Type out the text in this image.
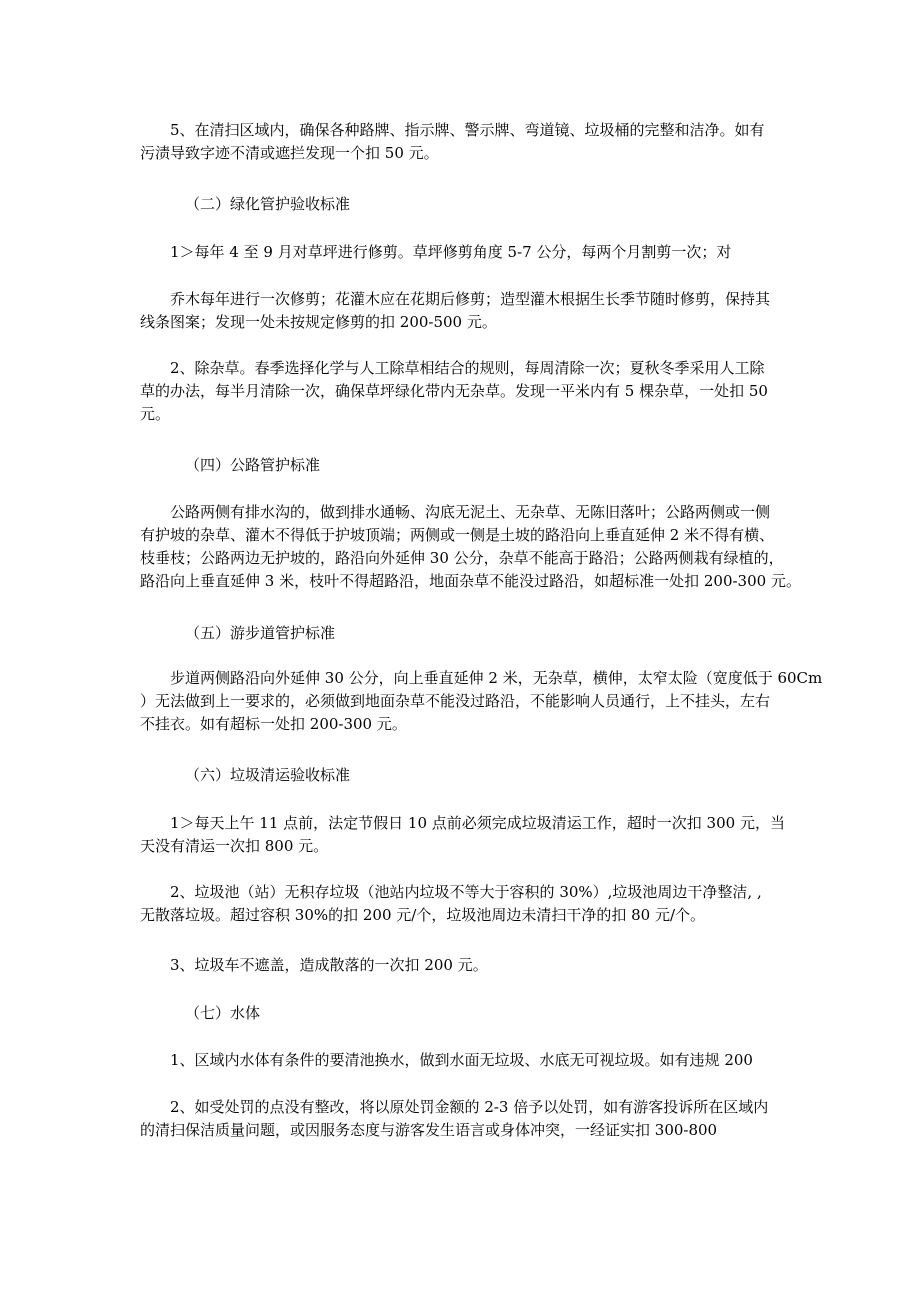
5、在清扫区域内，确保各种路牌、指示牌、警示牌、弯道镜、垃圾桶的完整和洁净。如有
污渍导致字迹不清或遮拦发现一个扣 50 元。

（二）绿化管护验收标准

1＞每年 4 至 9 月对草坪进行修剪。草坪修剪角度 5-7 公分，每两个月割剪一次；对

乔木每年进行一次修剪；花灌木应在花期后修剪；造型灌木根据生长季节随时修剪，保持其
线条图案；发现一处未按规定修剪的扣 200-500 元。

2、除杂草。春季选择化学与人工除草相结合的规则，每周清除一次；夏秋冬季采用人工除
草的办法，每半月清除一次，确保草坪绿化带内无杂草。发现一平米内有 5 棵杂草，一处扣 50
元。

（四）公路管护标准

公路两侧有排水沟的，做到排水通畅、沟底无泥土、无杂草、无陈旧落叶；公路两侧或一侧
有护坡的杂草、灌木不得低于护坡顶端；两侧或一侧是土坡的路沿向上垂直延伸 2 米不得有横、
枝垂枝；公路两边无护坡的，路沿向外延伸 30 公分，杂草不能高于路沿；公路两侧栽有绿植的，
路沿向上垂直延伸 3 米，枝叶不得超路沿，地面杂草不能没过路沿，如超标准一处扣 200-300 元。

（五）游步道管护标准

步道两侧路沿向外延伸 30 公分，向上垂直延伸 2 米，无杂草，横伸，太窄太险（宽度低于 60Cm
）无法做到上一要求的，必须做到地面杂草不能没过路沿，不能影响人员通行，上不挂头，左右
不挂衣。如有超标一处扣 200-300 元。

（六）垃圾清运验收标准

1＞每天上午 11 点前，法定节假日 10 点前必须完成垃圾清运工作，超时一次扣 300 元，当
天没有清运一次扣 800 元。

2、垃圾池（站）无积存垃圾（池站内垃圾不等大于容积的 30%）,垃圾池周边干净整洁, ,
无散落垃圾。超过容积 30%的扣 200 元/个，垃圾池周边未清扫干净的扣 80 元/个。

3、垃圾车不遮盖，造成散落的一次扣 200 元。

（七）水体

1、区域内水体有条件的要清池换水，做到水面无垃圾、水底无可视垃圾。如有违规 200

2、如受处罚的点没有整改，将以原处罚金额的 2-3 倍予以处罚，如有游客投诉所在区域内
的清扫保洁质量问题，或因服务态度与游客发生语言或身体冲突，一经证实扣 300-800
